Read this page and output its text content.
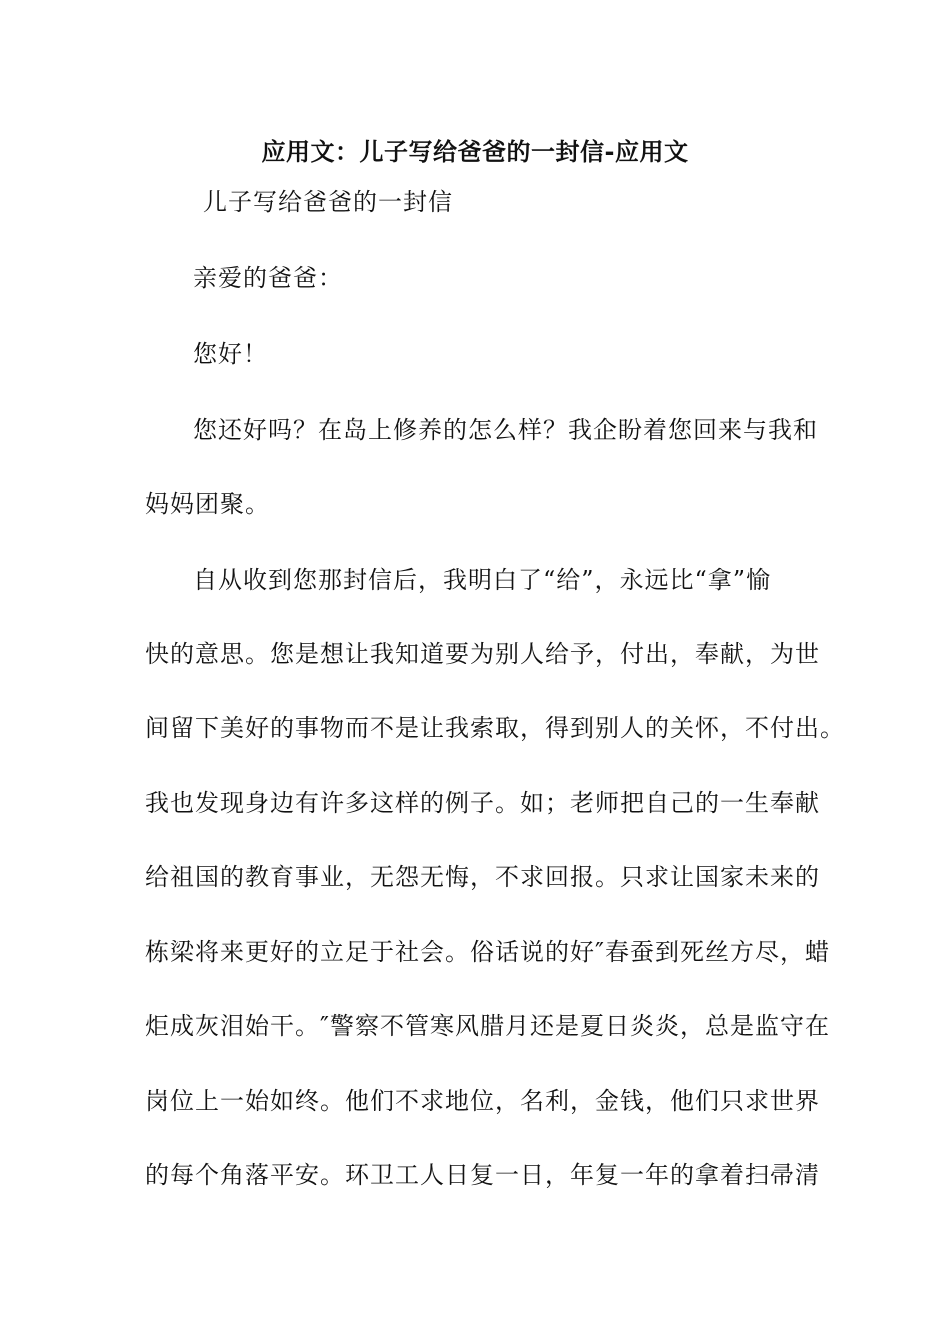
应用文：儿子写给爸爸的一封信-应用文
儿子写给爸爸的一封信
亲爱的爸爸：
您好！
您还好吗？在岛上修养的怎么样？我企盼着您回来与我和
妈妈团聚。
自从收到您那封信后，我明白了“给”，永远比“拿”愉
快的意思。您是想让我知道要为别人给予，付出，奉献，为世
间留下美好的事物而不是让我索取，得到别人的关怀，不付出。
我也发现身边有许多这样的例子。如；老师把自己的一生奉献
给祖国的教育事业，无怨无悔，不求回报。只求让国家未来的
栋梁将来更好的立足于社会。俗话说的好″春蚕到死丝方尽，蜡
炬成灰泪始干。″警察不管寒风腊月还是夏日炎炎，总是监守在
岗位上一始如终。他们不求地位，名利，金钱，他们只求世界
的每个角落平安。环卫工人日复一日，年复一年的拿着扫帚清
